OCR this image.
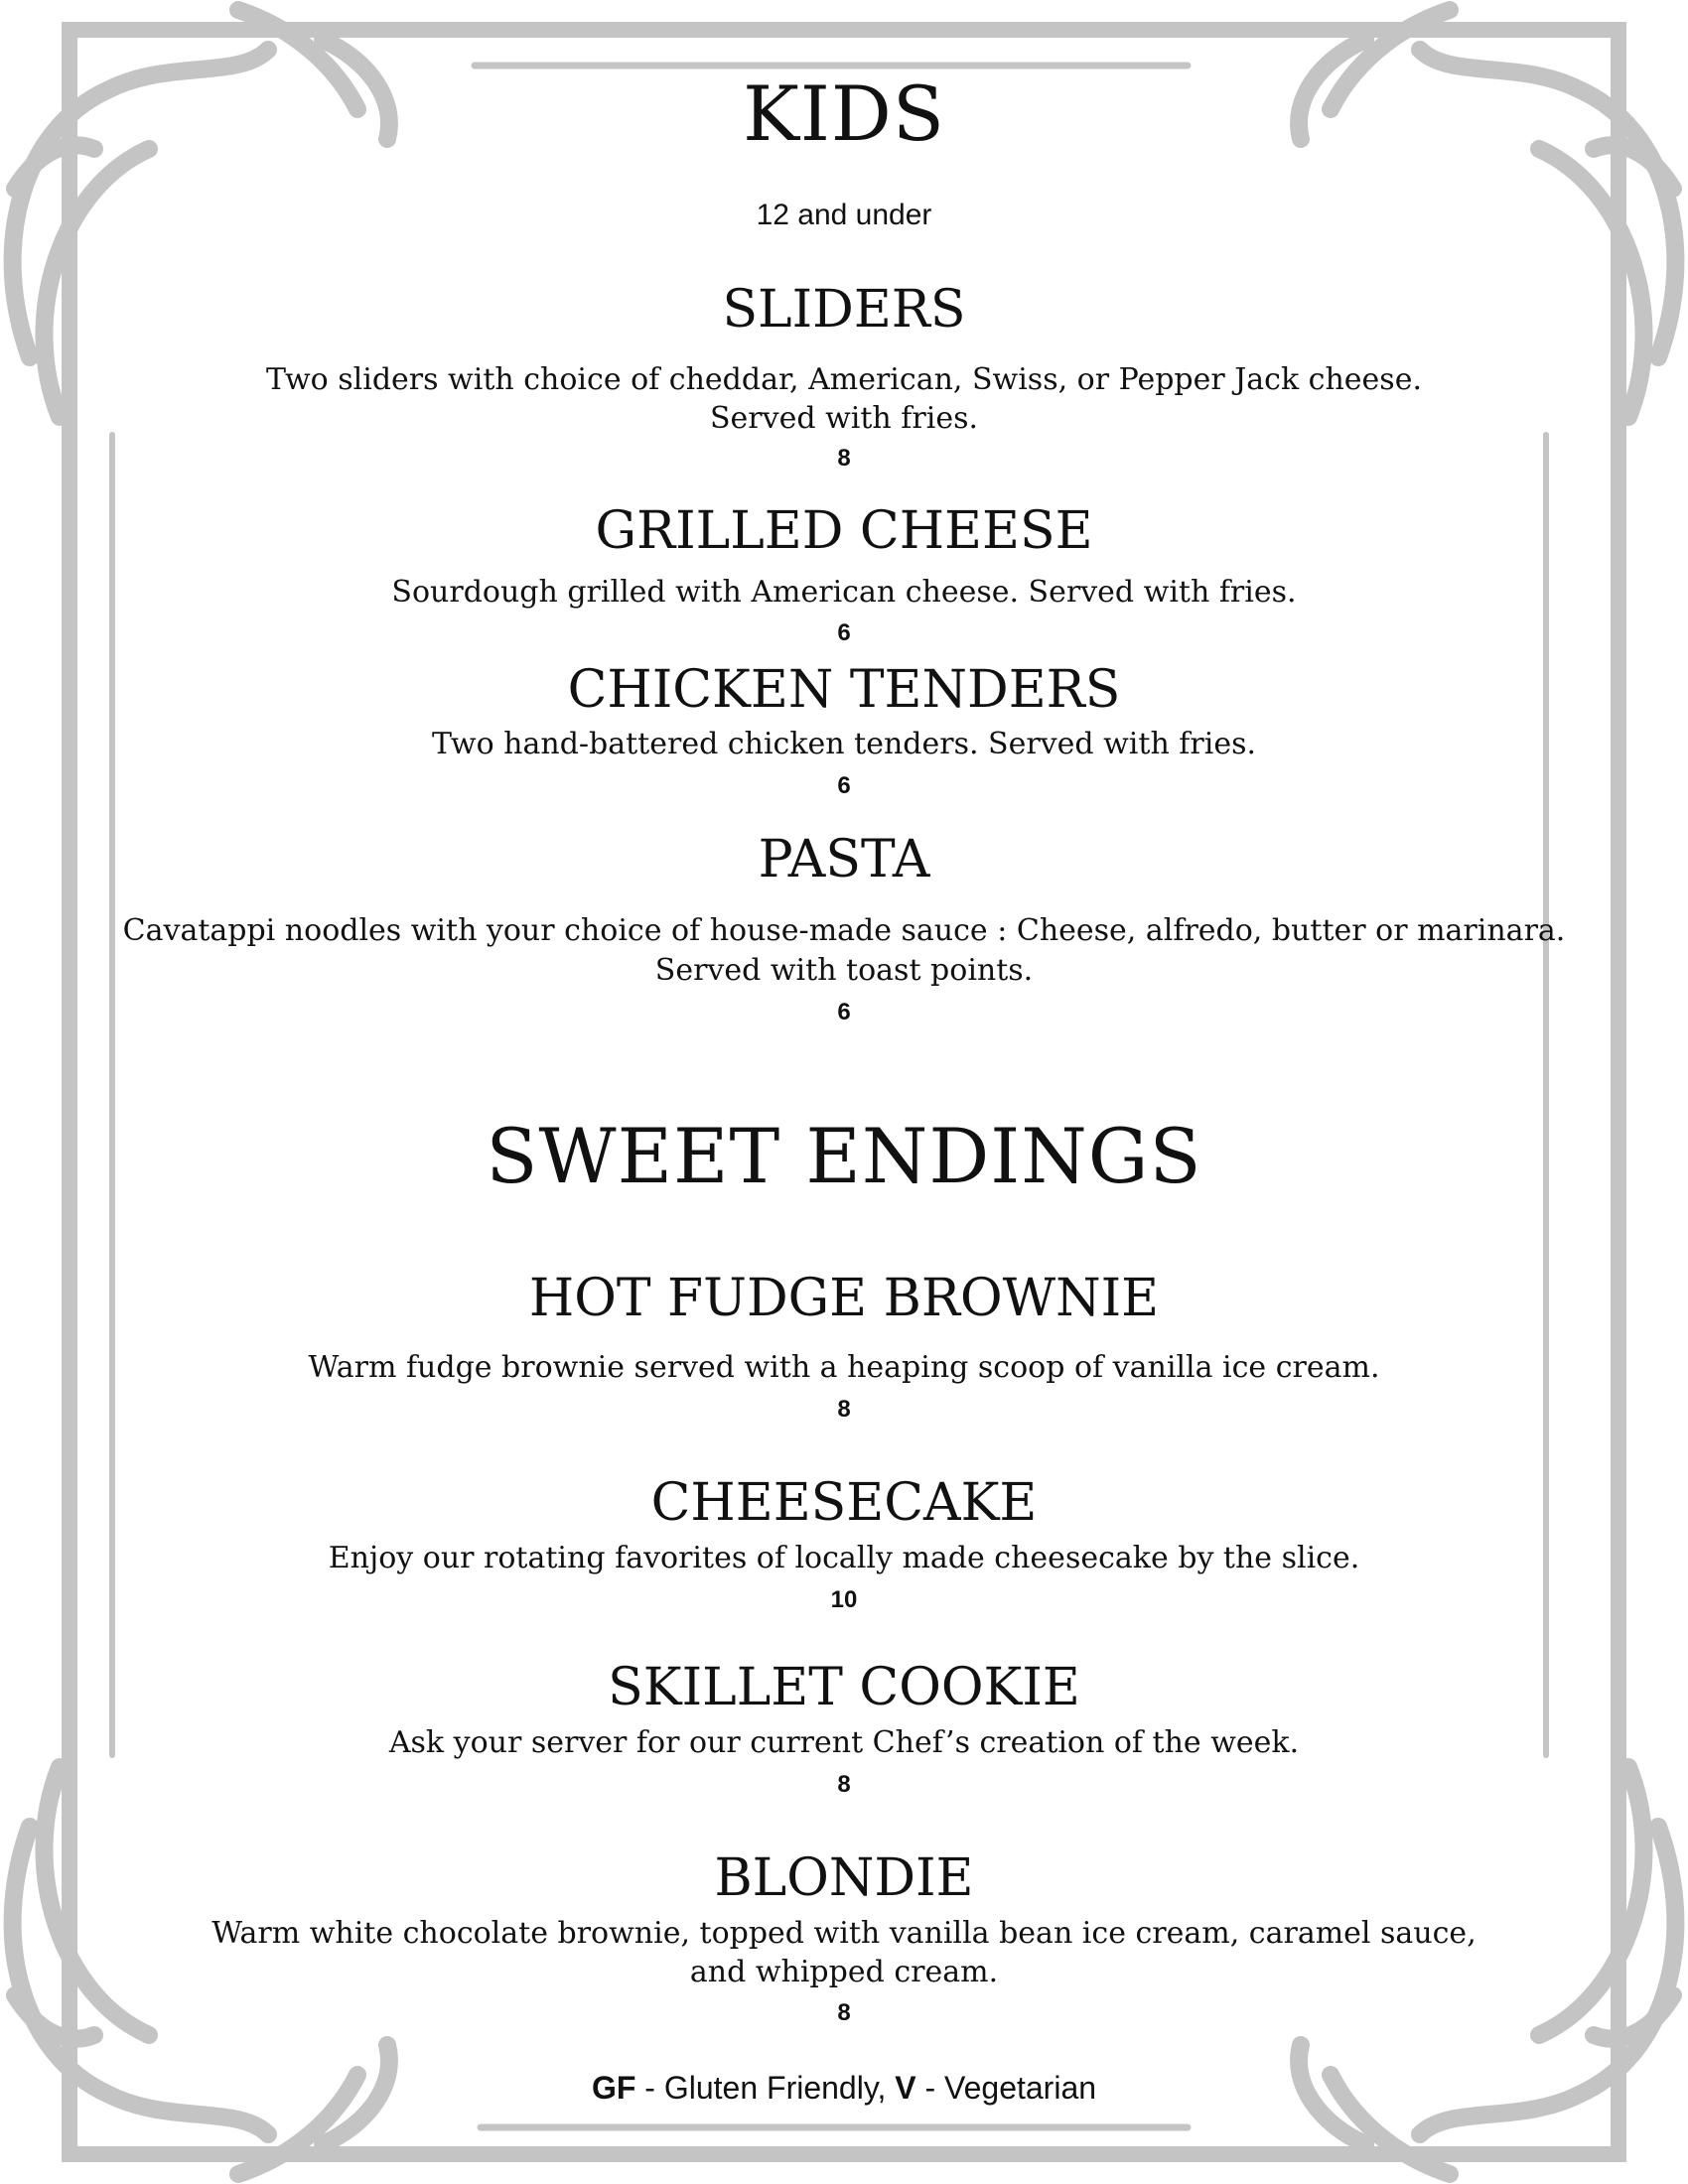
KIDS
12 and under
SLIDERS
Two sliders with choice of cheddar, American, Swiss, or Pepper Jack cheese.
Served with fries.
8
GRILLED CHEESE
Sourdough grilled with American cheese. Served with fries.
6
CHICKEN TENDERS
Two hand-battered chicken tenders. Served with fries.
6
PASTA
Cavatappi noodles with your choice of house-made sauce : Cheese, alfredo, butter or marinara.
Served with toast points.
6
SWEET ENDINGS
HOT FUDGE BROWNIE
Warm fudge brownie served with a heaping scoop of vanilla ice cream.
8
CHEESECAKE
Enjoy our rotating favorites of locally made cheesecake by the slice.
10
SKILLET COOKIE
Ask your server for our current Chef’s creation of the week.
8
BLONDIE
Warm white chocolate brownie, topped with vanilla bean ice cream, caramel sauce,
and whipped cream.
8
GF - Gluten Friendly, V - Vegetarian
